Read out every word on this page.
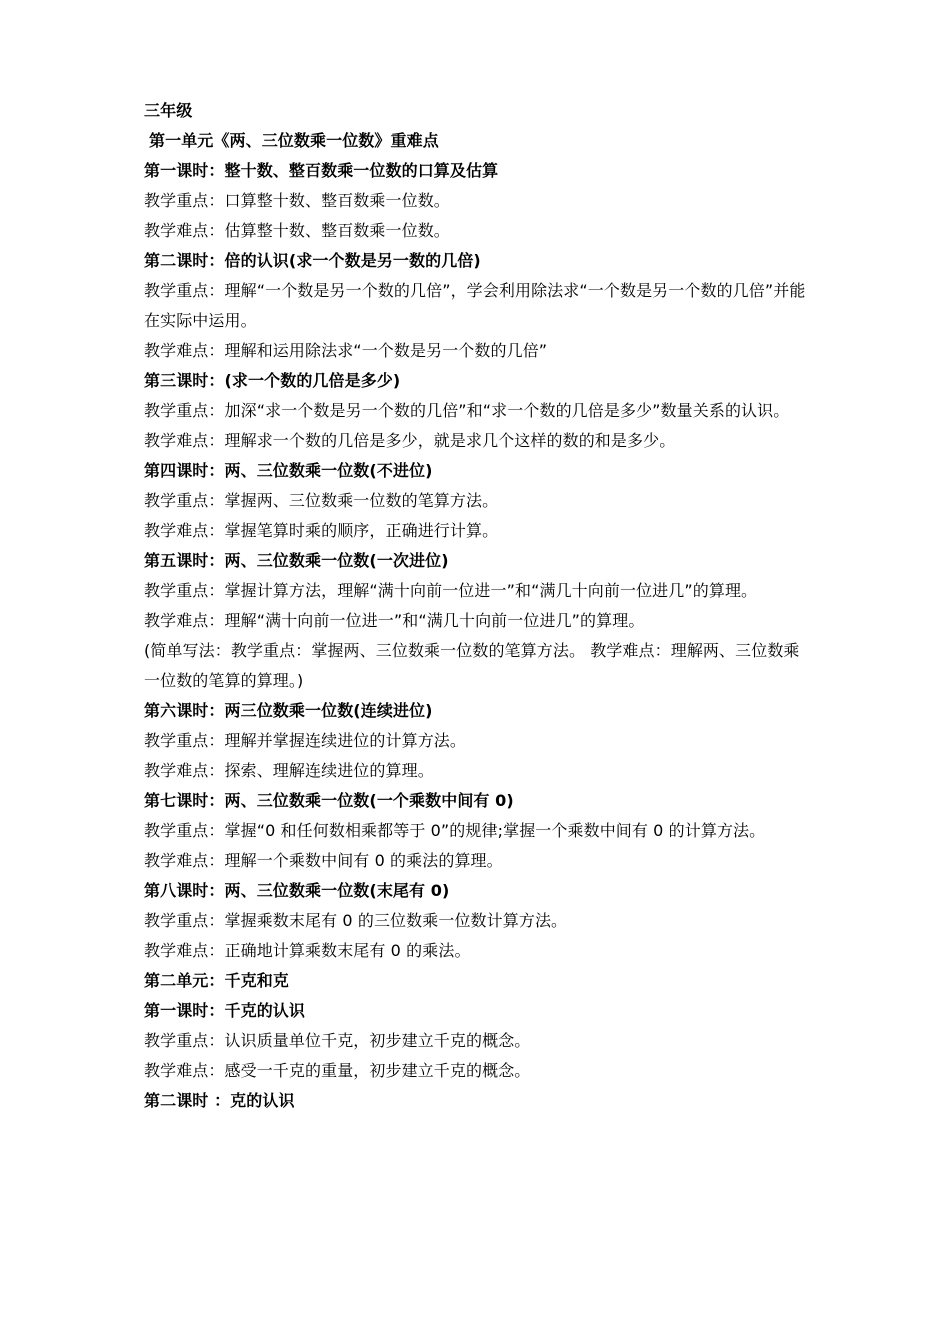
三年级
第一单元《两、三位数乘一位数》重难点
第一课时：整十数、整百数乘一位数的口算及估算
教学重点：口算整十数、整百数乘一位数。
教学难点：估算整十数、整百数乘一位数。
第二课时：倍的认识(求一个数是另一数的几倍)
教学重点：理解“一个数是另一个数的几倍”，学会利用除法求“一个数是另一个数的几倍”并能在实际中运用。
教学难点：理解和运用除法求“一个数是另一个数的几倍”
第三课时：(求一个数的几倍是多少)
教学重点：加深“求一个数是另一个数的几倍”和“求一个数的几倍是多少”数量关系的认识。
教学难点：理解求一个数的几倍是多少，就是求几个这样的数的和是多少。
第四课时：两、三位数乘一位数(不进位)
教学重点：掌握两、三位数乘一位数的笔算方法。
教学难点：掌握笔算时乘的顺序，正确进行计算。
第五课时：两、三位数乘一位数(一次进位)
教学重点：掌握计算方法，理解“满十向前一位进一”和“满几十向前一位进几”的算理。
教学难点：理解“满十向前一位进一”和“满几十向前一位进几”的算理。
(简单写法：教学重点：掌握两、三位数乘一位数的笔算方法。 教学难点：理解两、三位数乘一位数的笔算的算理。)
第六课时：两三位数乘一位数(连续进位)
教学重点：理解并掌握连续进位的计算方法。
教学难点：探索、理解连续进位的算理。
第七课时：两、三位数乘一位数(一个乘数中间有 0)
教学重点：掌握“0 和任何数相乘都等于 0”的规律;掌握一个乘数中间有 0 的计算方法。
教学难点：理解一个乘数中间有 0 的乘法的算理。
第八课时：两、三位数乘一位数(末尾有 0)
教学重点：掌握乘数末尾有 0 的三位数乘一位数计算方法。
教学难点：正确地计算乘数末尾有 0 的乘法。
第二单元：千克和克
第一课时：千克的认识
教学重点：认识质量单位千克，初步建立千克的概念。
教学难点：感受一千克的重量，初步建立千克的概念。
第二课时 ：克的认识
